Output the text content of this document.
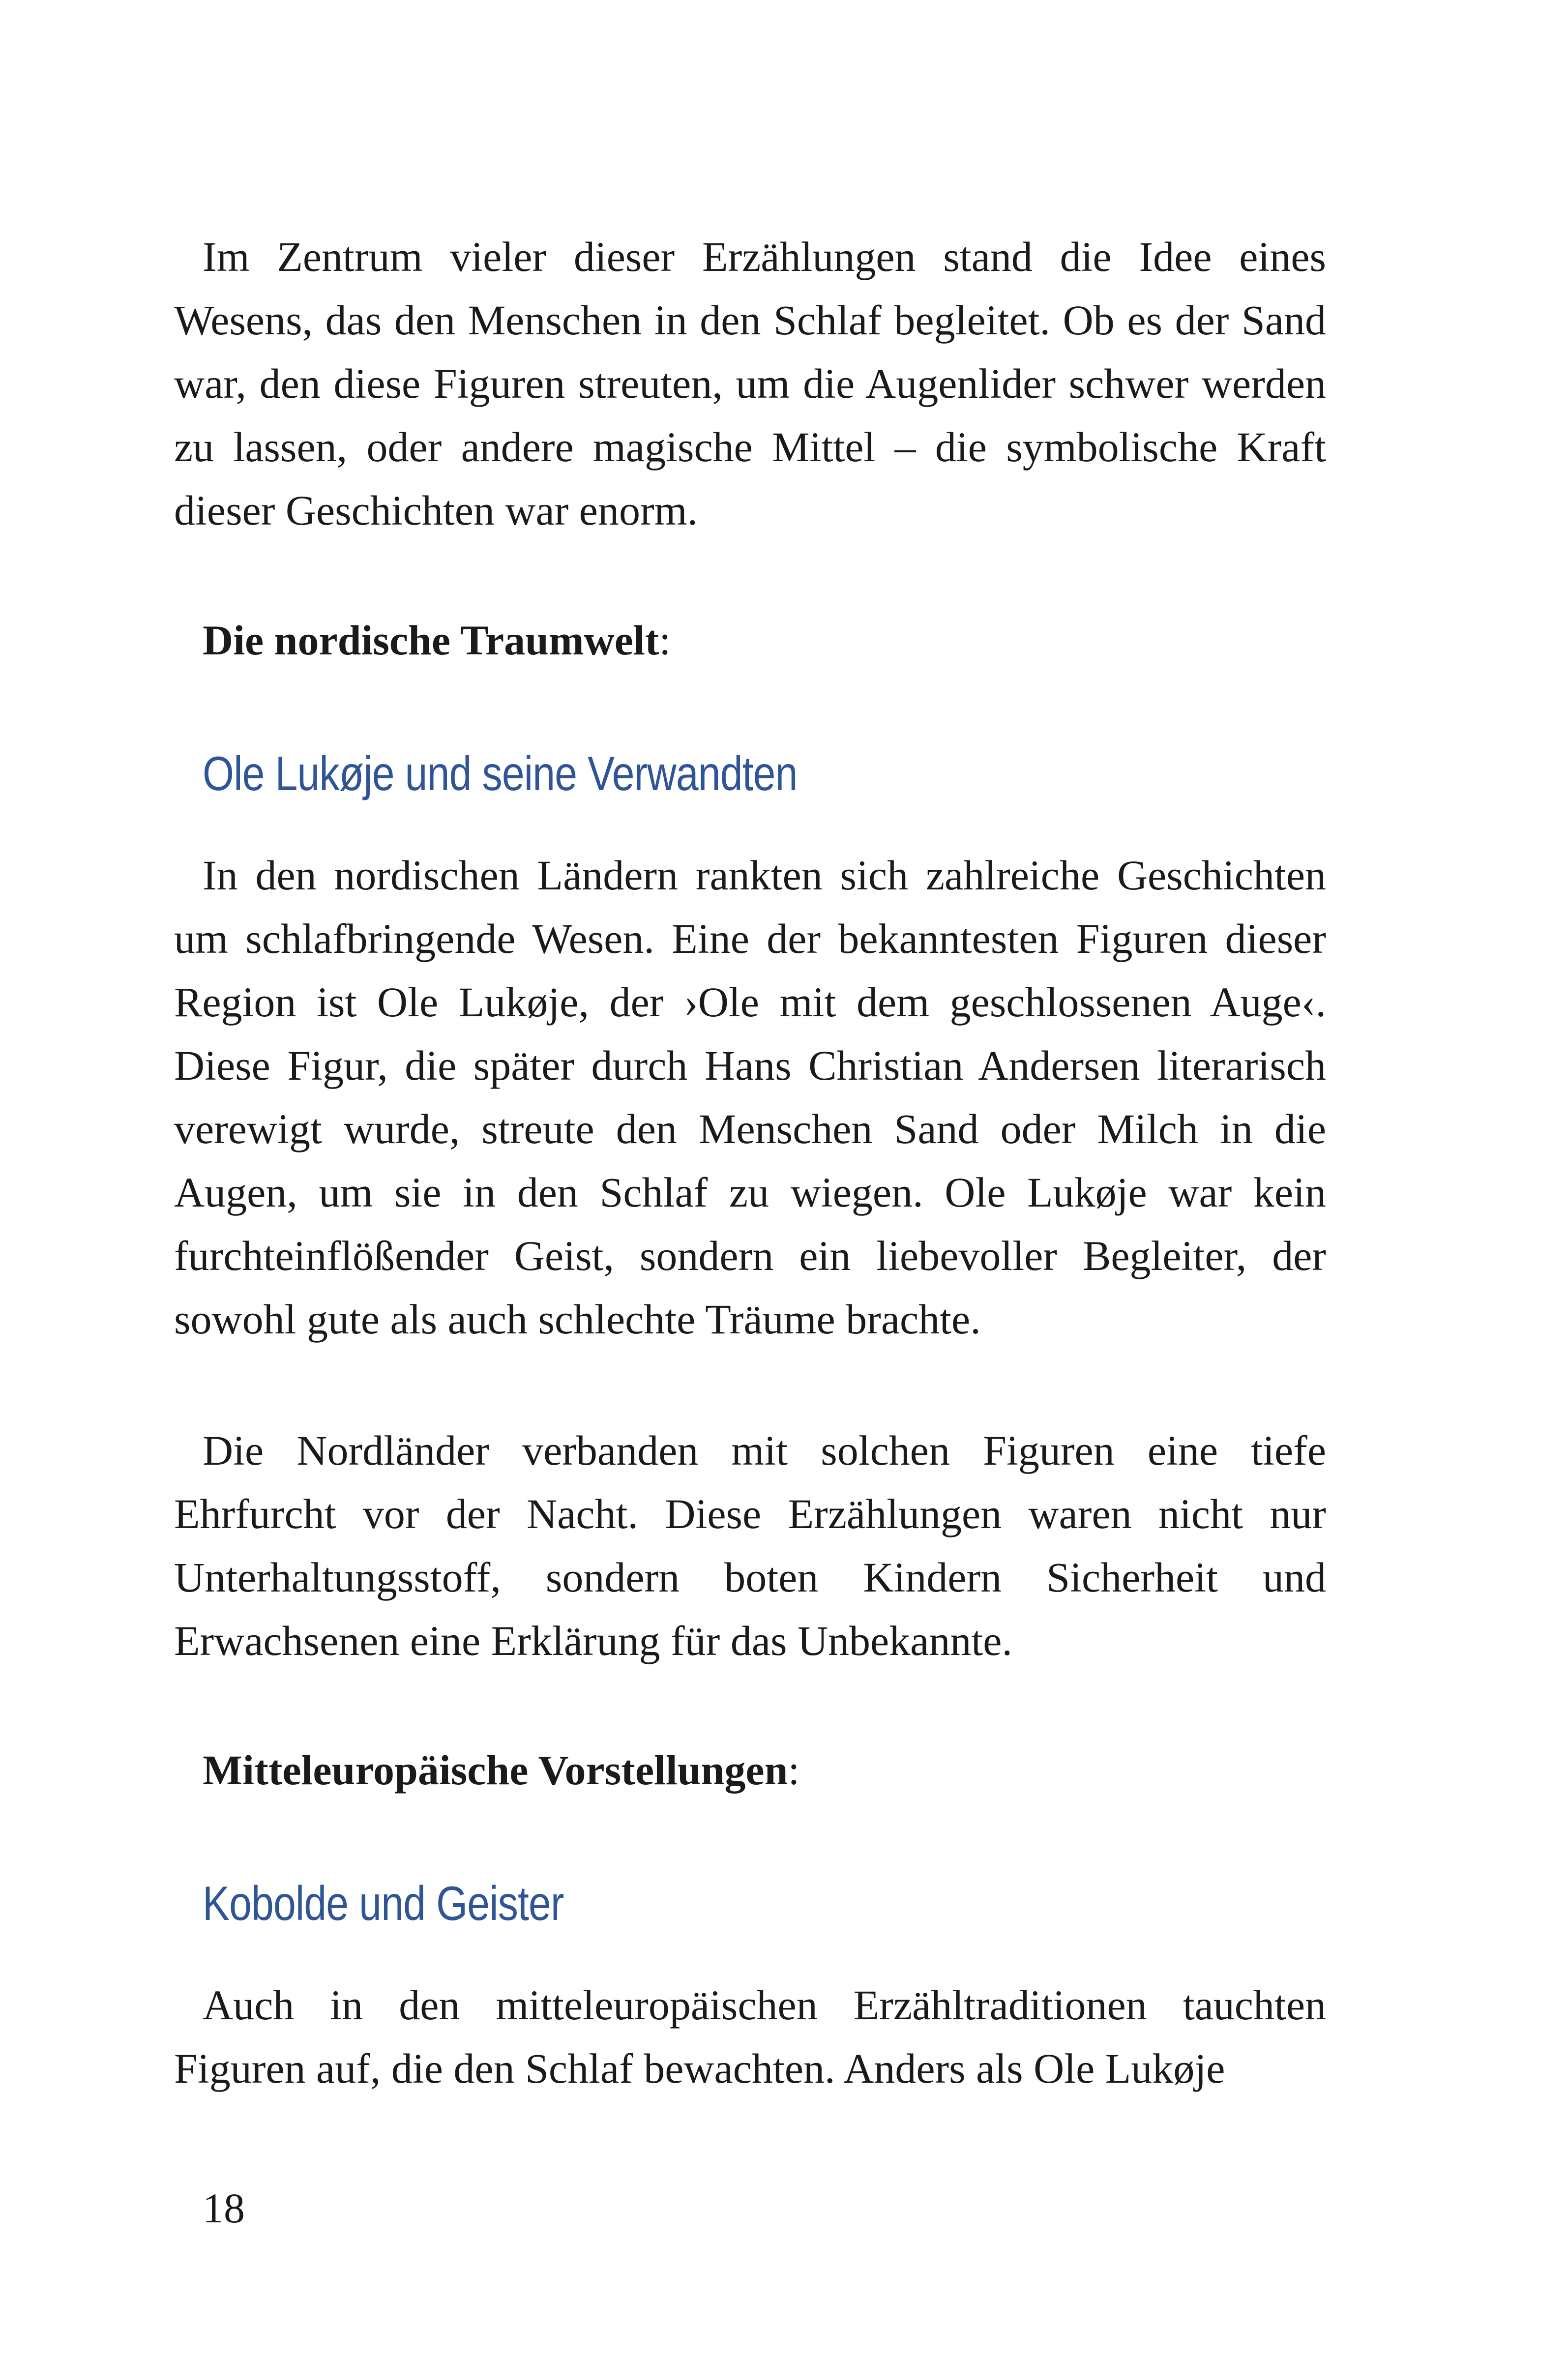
Im Zentrum vieler dieser Erzählungen stand die Idee eines Wesens, das den Menschen in den Schlaf begleitet. Ob es der Sand war, den diese Figuren streuten, um die Augenlider schwer werden zu lassen, oder andere magische Mittel – die symbolische Kraft dieser Geschichten war enorm.

Die nordische Traumwelt:

Ole Lukøje und seine Verwandten

In den nordischen Ländern rankten sich zahlreiche Geschichten um schlafbringende Wesen. Eine der bekanntesten Figuren dieser Region ist Ole Lukøje, der ›Ole mit dem geschlossenen Auge‹. Diese Figur, die später durch Hans Christian Andersen literarisch verewigt wurde, streute den Menschen Sand oder Milch in die Augen, um sie in den Schlaf zu wiegen. Ole Lukøje war kein furchteinflößender Geist, sondern ein liebevoller Begleiter, der sowohl gute als auch schlechte Träume brachte.

Die Nordländer verbanden mit solchen Figuren eine tiefe Ehrfurcht vor der Nacht. Diese Erzählungen waren nicht nur Unterhaltungsstoff, sondern boten Kindern Sicherheit und Erwachsenen eine Erklärung für das Unbekannte.

Mitteleuropäische Vorstellungen:

Kobolde und Geister

Auch in den mitteleuropäischen Erzähltraditionen tauchten Figuren auf, die den Schlaf bewachten. Anders als Ole Lukøje

18
